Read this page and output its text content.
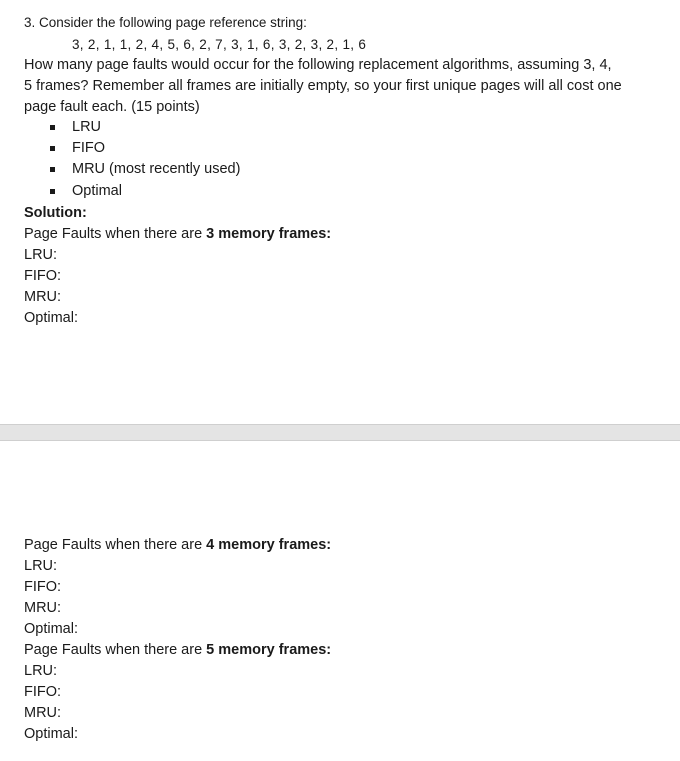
3. Consider the following page reference string:
3, 2, 1, 1, 2, 4, 5, 6, 2, 7, 3, 1, 6, 3, 2, 3, 2, 1, 6
How many page faults would occur for the following replacement algorithms, assuming 3, 4,
5 frames? Remember all frames are initially empty, so your first unique pages will all cost one
page fault each. (15 points)
LRU
FIFO
MRU (most recently used)
Optimal
Solution:
Page Faults when there are 3 memory frames:
LRU:
FIFO:
MRU:
Optimal:
Page Faults when there are 4 memory frames:
LRU:
FIFO:
MRU:
Optimal:
Page Faults when there are 5 memory frames:
LRU:
FIFO:
MRU:
Optimal:
